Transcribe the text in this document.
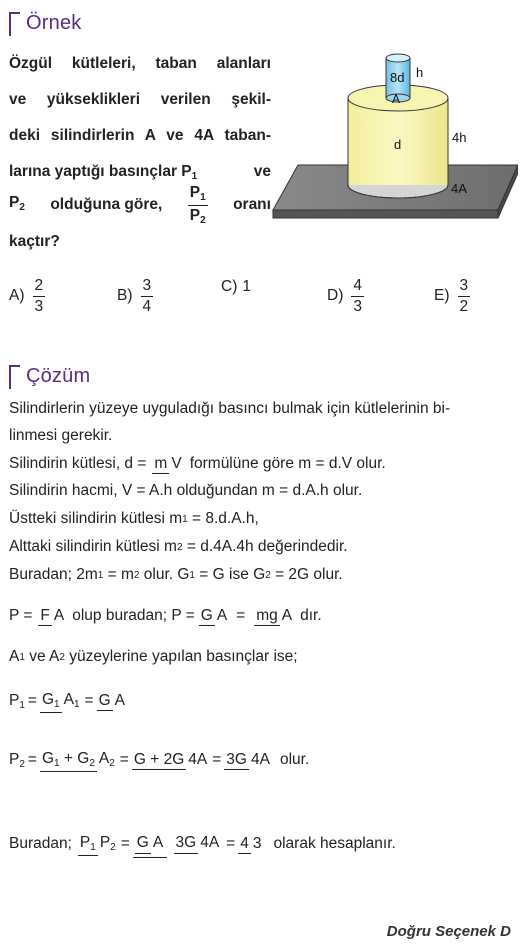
Örnek
Özgül kütleleri, taban alanları
ve yükseklikleri verilen şekil-
deki silindirlerin A ve 4A taban-
larına yaptığı basınçlar $P_1$	ve
$P_2$ olduğuna göre, $\frac{P_1}{P_2}$ oranı
kaçtır?
8d h
A
d	4h
4A
$A) \frac{2}{3}$	$B) \frac{3}{4}$	C) 1
$D) \frac{4}{3}$	$E) \frac{3}{2}$
Çözüm
Silindirlerin yüzeye uyguladığı basıncı bulmak için kütlelerinin bi-
linmesi gerekir.
Silindirin kütlesi, d = m V formülüne göre m = d.V olur.
Silindirin hacmi, V = A.h olduğundan m = d.A.h olur.
Üstteki silindirin kütlesi m 1 = 8.d.A.h,
Alttaki silindirin kütlesi m 2 = d.4A.4h değerindedir.
Buradan; 2m 1 = m 2 olur. G 1 = G ise G 2 = 2G olur.
P = F A olup buradan; P = G A = mg A dır.
A 1 ve A 2 yüzeylerine yapılan basınçlar ise;
$P_1 = G_1$ $A_1 = G$ A
$P_2 = G_1 + G_2$ $A_2 = G + 2G$ 4A = 3G 4A olur.
Buradan; $P_1$ $P_2 = G$ A 3G 4A = 4 3 olarak hesaplanır.
Doğru Seçenek D
